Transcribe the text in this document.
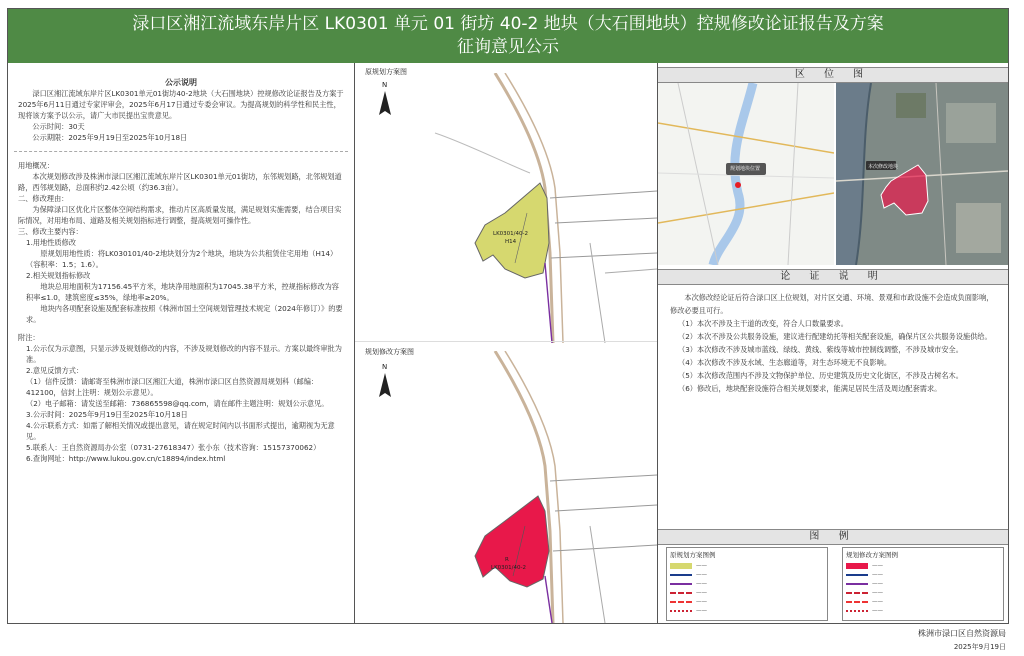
渌口区湘江流域东岸片区 LK0301 单元 01 街坊 40-2 地块（大石围地块）控规修改论证报告及方案
征询意见公示
公示说明
渌口区湘江流域东岸片区LK0301单元01街坊40-2地块（大石围地块）控规修改论证报告及方案于2025年6月11日通过专家评审会，2025年6月17日通过专委会审议。为提高规划的科学性和民主性，现将该方案予以公示，请广大市民提出宝贵意见。
公示时间：30天
公示期限：2025年9月19日至2025年10月18日
用地概况：
本次规划修改涉及株洲市渌口区湘江流域东岸片区LK0301单元01街坊，东邻规划路，北邻规划道路，西邻规划路，总面积约2.42公顷（约36.3亩）。
二、修改理由：
为保障渌口区优化片区整体空间结构需求，推动片区高质量发展，满足规划实施需要，结合项目实际情况，对用地布局、道路及相关规划指标进行调整，提高规划可操作性。
三、修改主要内容：
1.用地性质修改
原规划用地性质：将LK030101/40-2地块划分为2个地块，地块为公共租赁住宅用地（H14）（容积率：1.5；1.6）。
2.相关规划指标修改
地块总用地面积为17156.45平方米，地块净用地面积为17045.38平方米，控规指标修改为容积率≤1.0，建筑密度≤35%，绿地率≥20%。
地块内各项配套设施及配套标准按照《株洲市国土空间规划管理技术规定（2024年修订）》的要求。
附注：
1.公示仅为示意图，只显示涉及规划修改的内容，不涉及规划修改的内容不显示。方案以最终审批为准。
2.意见反馈方式：
（1）信件反馈：请邮寄至株洲市渌口区湘江大道，株洲市渌口区自然资源局规划科（邮编：412100，信封上注明：规划公示意见）。
（2）电子邮箱：请发送至邮箱：736865598@qq.com，请在邮件主题注明：规划公示意见。
3.公示时间：2025年9月19日至2025年10月18日
4.公示联系方式：如需了解相关情况或提出意见，请在规定时间内以书面形式提出，逾期视为无意见。
5.联系人：王自然资源局办公室（0731-27618347）张小东（技术咨询：15157370062）
6.查询网址：http://www.lukou.gov.cn/c18894/index.html
原规划方案图
N
LK0301/40-2
H14
规划修改方案图
N
LK0301/40-2
R
区 位 图
规划地块位置	本次修改地块
论 证 说 明
本次修改经论证后符合渌口区上位规划，对片区交通、环境、景观和市政设施不会造成负面影响，修改必要且可行。
（1）本次不涉及主干道的改变，符合人口数量要求。
（2）本次不涉及公共服务设施，建议进行配建幼托等相关配套设施，确保片区公共服务设施供给。
（3）本次修改不涉及城市蓝线、绿线、黄线、紫线等城市控制线调整，不涉及城市安全。
（4）本次修改不涉及水域、生态廊道等，对生态环境无不良影响。
（5）本次修改范围内不涉及文物保护单位、历史建筑及历史文化街区，不涉及古树名木。
（6）修改后，地块配套设施符合相关规划要求，能满足居民生活及周边配套需求。
图 例
原规划方案图例
——
——
——
——
——
——
规划修改方案图例
——
——
——
——
——
——
株洲市渌口区自然资源局
2025年9月19日
